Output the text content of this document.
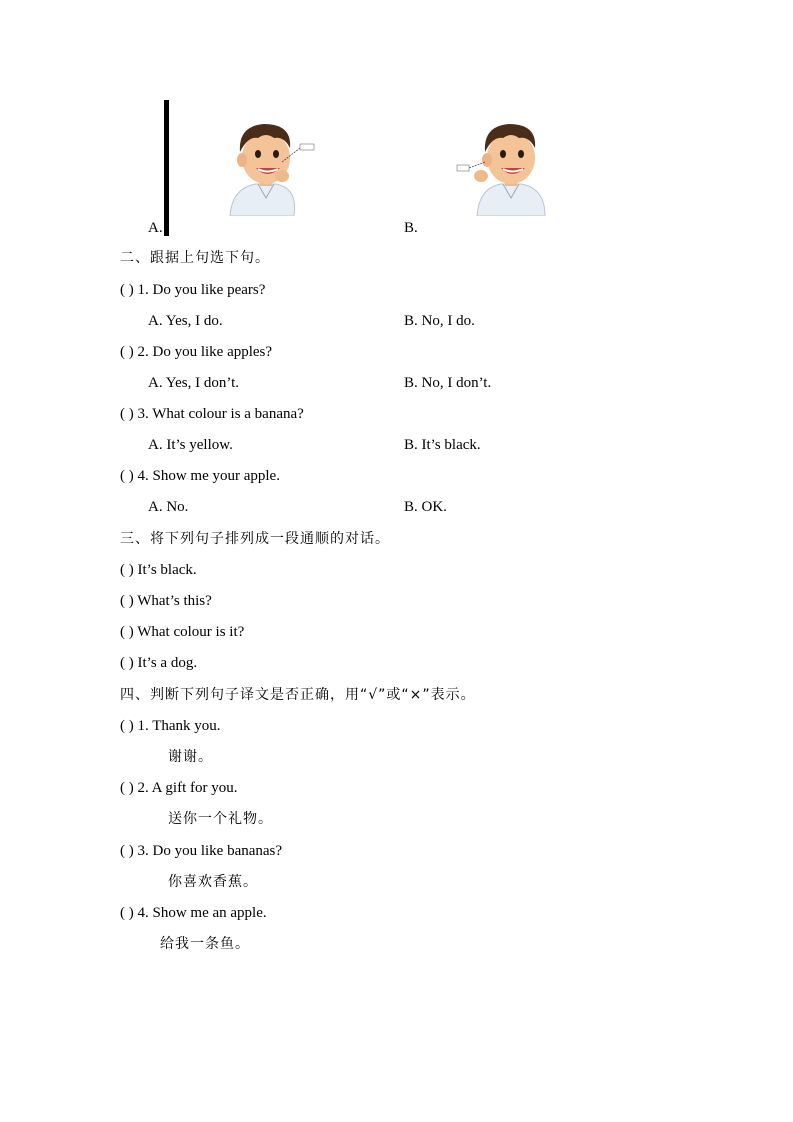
A.	B.
二、跟据上句选下句。
( ) 1. Do you like pears?
A. Yes, I do.	B. No, I do.
( ) 2. Do you like apples?
A. Yes, I don’t.	B. No, I don’t.
( ) 3. What colour is a banana?
A. It’s yellow.	B. It’s black.
( ) 4. Show me your apple.
A. No.	B. OK.
三、将下列句子排列成一段通顺的对话。
( ) It’s black.
( ) What’s this?
( ) What colour is it?
( ) It’s a dog.
四、判断下列句子译文是否正确，用“√”或“×”表示。
( ) 1. Thank you.
谢谢。
( ) 2. A gift for you.
送你一个礼物。
( ) 3. Do you like bananas?
你喜欢香蕉。
( ) 4. Show me an apple.
给我一条鱼。
